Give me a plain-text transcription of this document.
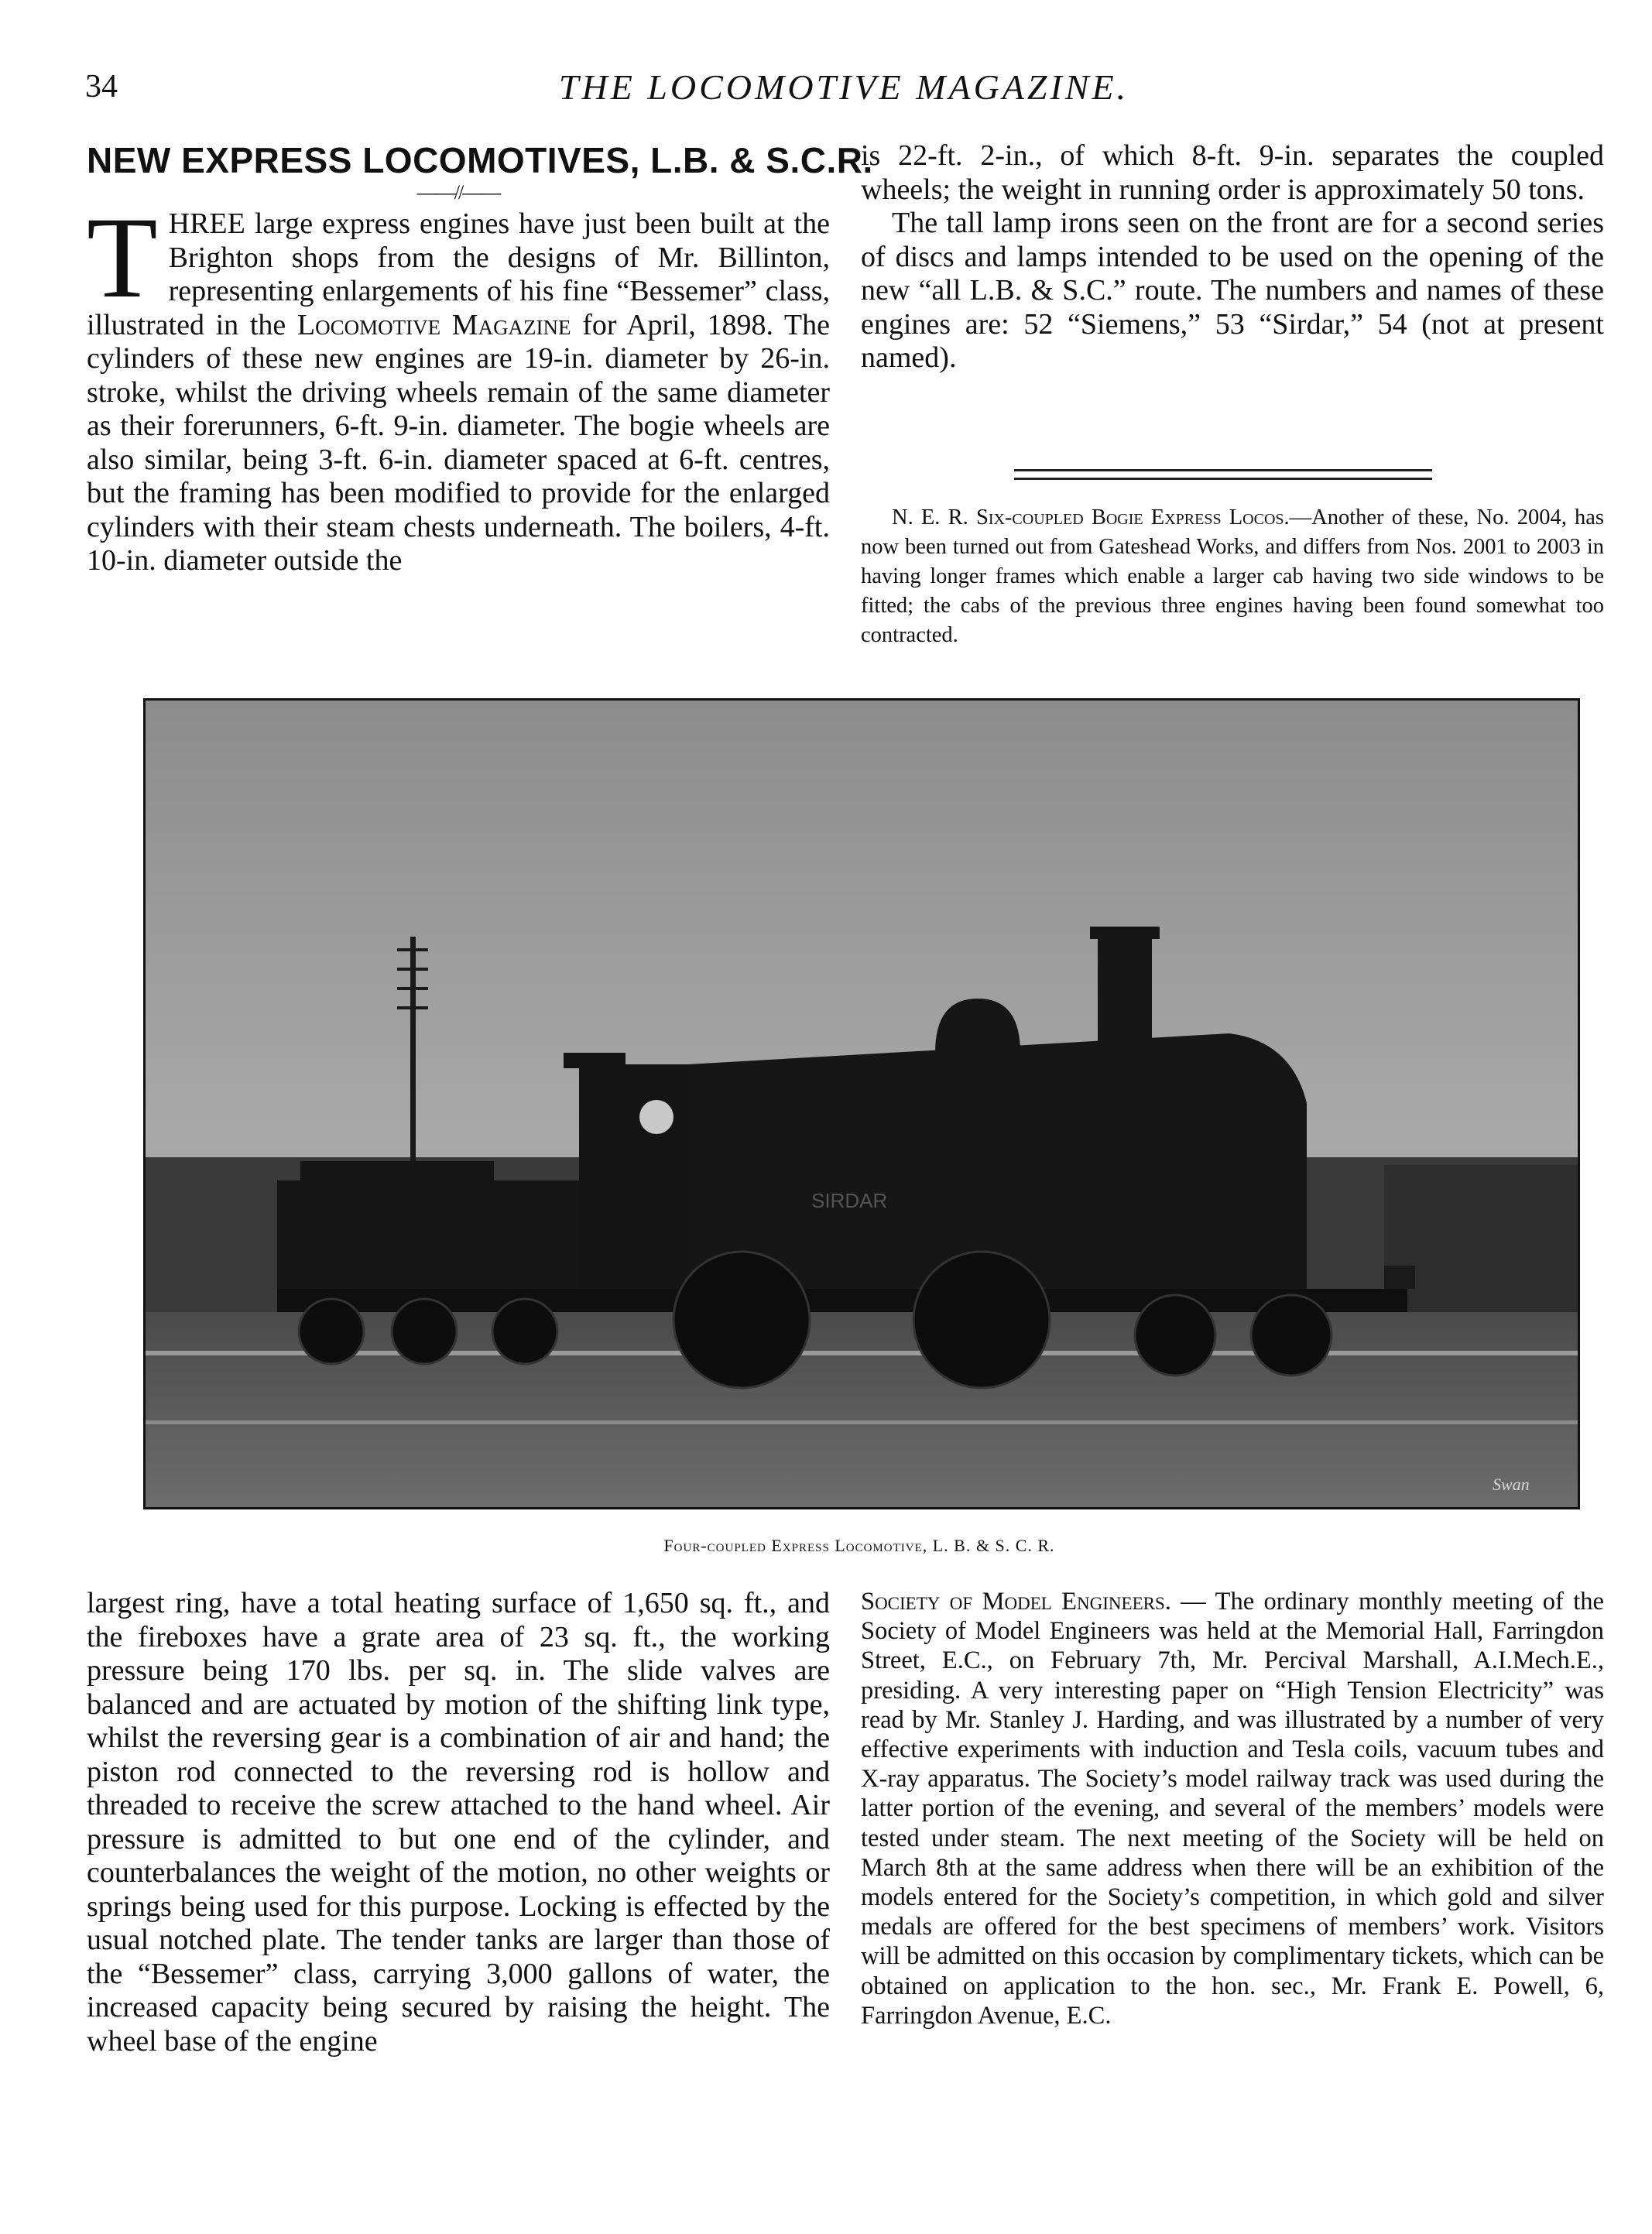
34	THE LOCOMOTIVE MAGAZINE.
NEW EXPRESS LOCOMOTIVES, L.B. & S.C.R.
——//——

THREE large express engines have just been built at the Brighton shops from the designs of Mr. Billinton, representing enlargements of his fine “Bessemer” class, illustrated in the Locomotive Magazine for April, 1898. The cylinders of these new engines are 19-in. diameter by 26-in. stroke, whilst the driving wheels remain of the same diameter as their forerunners, 6-ft. 9-in. diameter. The bogie wheels are also similar, being 3-ft. 6-in. diameter spaced at 6-ft. centres, but the framing has been modified to provide for the enlarged cylinders with their steam chests underneath. The boilers, 4-ft. 10-in. diameter outside the

is 22-ft. 2-in., of which 8-ft. 9-in. separates the coupled wheels; the weight in running order is approximately 50 tons.

The tall lamp irons seen on the front are for a second series of discs and lamps intended to be used on the opening of the new “all L.B. & S.C.” route. The numbers and names of these engines are: 52 “Siemens,” 53 “Sirdar,” 54 (not at present named).

N. E. R. Six-coupled Bogie Express Locos.—Another of these, No. 2004, has now been turned out from Gateshead Works, and differs from Nos. 2001 to 2003 in having longer frames which enable a larger cab having two side windows to be fitted; the cabs of the previous three engines having been found somewhat too contracted.

SIRDAR
Swan
Four-coupled Express Locomotive, L. B. & S. C. R.

largest ring, have a total heating surface of 1,650 sq. ft., and the fireboxes have a grate area of 23 sq. ft., the working pressure being 170 lbs. per sq. in. The slide valves are balanced and are actuated by motion of the shifting link type, whilst the reversing gear is a combination of air and hand; the piston rod connected to the reversing rod is hollow and threaded to receive the screw attached to the hand wheel. Air pressure is admitted to but one end of the cylinder, and counterbalances the weight of the motion, no other weights or springs being used for this purpose. Locking is effected by the usual notched plate. The tender tanks are larger than those of the “Bessemer” class, carrying 3,000 gallons of water, the increased capacity being secured by raising the height. The wheel base of the engine

Society of Model Engineers. — The ordinary monthly meeting of the Society of Model Engineers was held at the Memorial Hall, Farringdon Street, E.C., on February 7th, Mr. Percival Marshall, A.I.Mech.E., presiding. A very interesting paper on “High Tension Electricity” was read by Mr. Stanley J. Harding, and was illustrated by a number of very effective experiments with induction and Tesla coils, vacuum tubes and X-ray apparatus. The Society’s model railway track was used during the latter portion of the evening, and several of the members’ models were tested under steam. The next meeting of the Society will be held on March 8th at the same address when there will be an exhibition of the models entered for the Society’s competition, in which gold and silver medals are offered for the best specimens of members’ work. Visitors will be admitted on this occasion by complimentary tickets, which can be obtained on application to the hon. sec., Mr. Frank E. Powell, 6, Farringdon Avenue, E.C.
